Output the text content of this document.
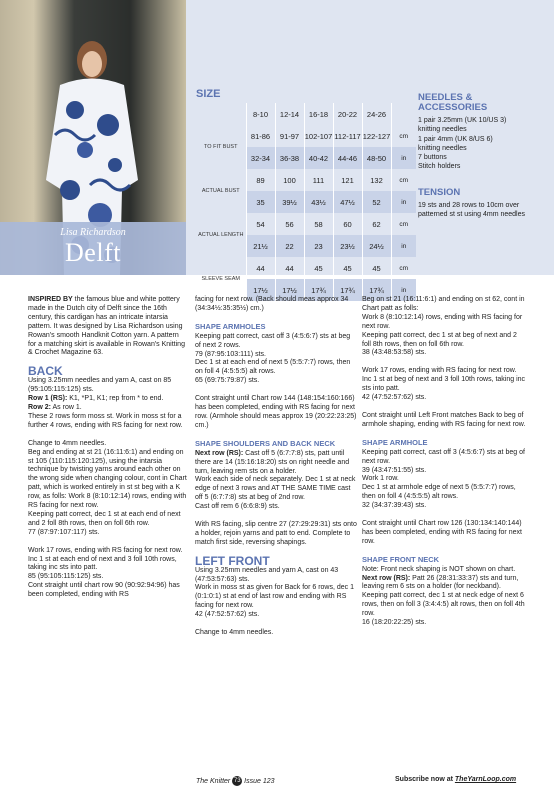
Lisa Richardson
Delft
SIZE
	8-10	12-14	16-18	20-22	24-26	
TO FIT BUST	81-86	91-97	102-107	112-117	122-127	cm
	32-34	36-38	40-42	44-46	48-50	in
ACTUAL BUST	89	100	111	121	132	cm
	35	39½	43½	47½	52	in
ACTUAL LENGTH	54	56	58	60	62	cm
	21½	22	23	23½	24½	in
SLEEVE SEAM	44	44	45	45	45	cm
	17½	17½	17¾	17¾	17¾	in
NEEDLES &
ACCESSORIES

1 pair 3.25mm (UK 10/US 3)
knitting needles
1 pair 4mm (UK 8/US 6)
knitting needles
7 buttons
Stitch holders

TENSION

19 sts and 28 rows to 10cm over patterned st st using 4mm needles

INSPIRED BY the famous blue and white pottery made in the Dutch city of Delft since the 16th century, this cardigan has an intricate intarsia pattern. It was designed by Lisa Richardson using Rowan's smooth Handknit Cotton yarn. A pattern for a matching skirt is available in Rowan's Knitting & Crochet Magazine 63.

BACK
Using 3.25mm needles and yarn A, cast on 85 (95:105:115:125) sts.
Row 1 (RS): K1, *P1, K1; rep from * to end.
Row 2: As row 1.

These 2 rows form moss st. Work in moss st for a further 4 rows, ending with RS facing for next row.

Change to 4mm needles.
Beg and ending at st 21 (16:11:6:1) and ending on st 105 (110:115:120:125), using the intarsia technique by twisting yarns around each other on the wrong side when changing colour, cont in Chart patt, which is worked entirely in st st beg with a K row, as folls: Work 8 (8:10:12:14) rows, ending with RS facing for next row.
Keeping patt correct, dec 1 st at each end of next and 2 foll 8th rows, then on foll 6th row.

77 (87:97:107:117) sts.

Work 17 rows, ending with RS facing for next row.
Inc 1 st at each end of next and 3 foll 10th rows, taking inc sts into patt.
85 (95:105:115:125) sts.
Cont straight until chart row 90 (90:92:94:96) has been completed, ending with RS

facing for next row. (Back should meas approx 34 (34:34½:35:35½) cm.)

SHAPE ARMHOLES
Keeping patt correct, cast off 3 (4:5:6:7) sts at beg of next 2 rows.
79 (87:95:103:111) sts.
Dec 1 st at each end of next 5 (5:5:7:7) rows, then on foll 4 (4:5:5:5) alt rows.

65 (69:75:79:87) sts.

Cont straight until Chart row 144 (148:154:160:166) has been completed, ending with RS facing for next row. (Armhole should meas approx 19 (20:22:23:25) cm.)

SHAPE SHOULDERS AND BACK NECK
Next row (RS): Cast off 5 (6:7:7:8) sts, patt until there are 14 (15:16:18:20) sts on right needle and turn, leaving rem sts on a holder.
Work each side of neck separately. Dec 1 st at neck edge of next 3 rows and AT THE SAME TIME cast off 5 (6:7:7:8) sts at beg of 2nd row.

Cast off rem 6 (6:6:8:9) sts.

With RS facing, slip centre 27 (27:29:29:31) sts onto a holder, rejoin yarns and patt to end. Complete to match first side, reversing shapings.

LEFT FRONT
Using 3.25mm needles and yarn A, cast on 43 (47:53:57:63) sts.
Work in moss st as given for Back for 6 rows, dec 1 (0:1:0:1) st at end of last row and ending with RS facing for next row.

42 (47:52:57:62) sts.

Change to 4mm needles.
Beg on st 21 (16:11:6:1) and ending on st 62, cont in Chart patt as folls:
Work 8 (8:10:12:14) rows, ending with RS facing for next row.
Keeping patt correct, dec 1 st at beg of next and 2 foll 8th rows, then on foll 6th row.

38 (43:48:53:58) sts.

Work 17 rows, ending with RS facing for next row.
Inc 1 st at beg of next and 3 foll 10th rows, taking inc sts into patt.

42 (47:52:57:62) sts.

Cont straight until Left Front matches Back to beg of armhole shaping, ending with RS facing for next row.

SHAPE ARMHOLE
Keeping patt correct, cast off 3 (4:5:6:7) sts at beg of next row.
39 (43:47:51:55) sts.
Work 1 row.
Dec 1 st at armhole edge of next 5 (5:5:7:7) rows, then on foll 4 (4:5:5:5) alt rows.

32 (34:37:39:43) sts.

Cont straight until Chart row 126 (130:134:140:144) has been completed, ending with RS facing for next row.

SHAPE FRONT NECK
Note: Front neck shaping is NOT shown on chart.
Next row (RS): Patt 26 (28:31:33:37) sts and turn, leaving rem 6 sts on a holder (for neckband).
Keeping patt correct, dec 1 st at neck edge of next 6 rows, then on foll 3 (3:4:4:5) alt rows, then on foll 4th row.
16 (18:20:22:25) sts.
The Knitter 73 Issue 123	Subscribe now at TheYarnLoop.com
